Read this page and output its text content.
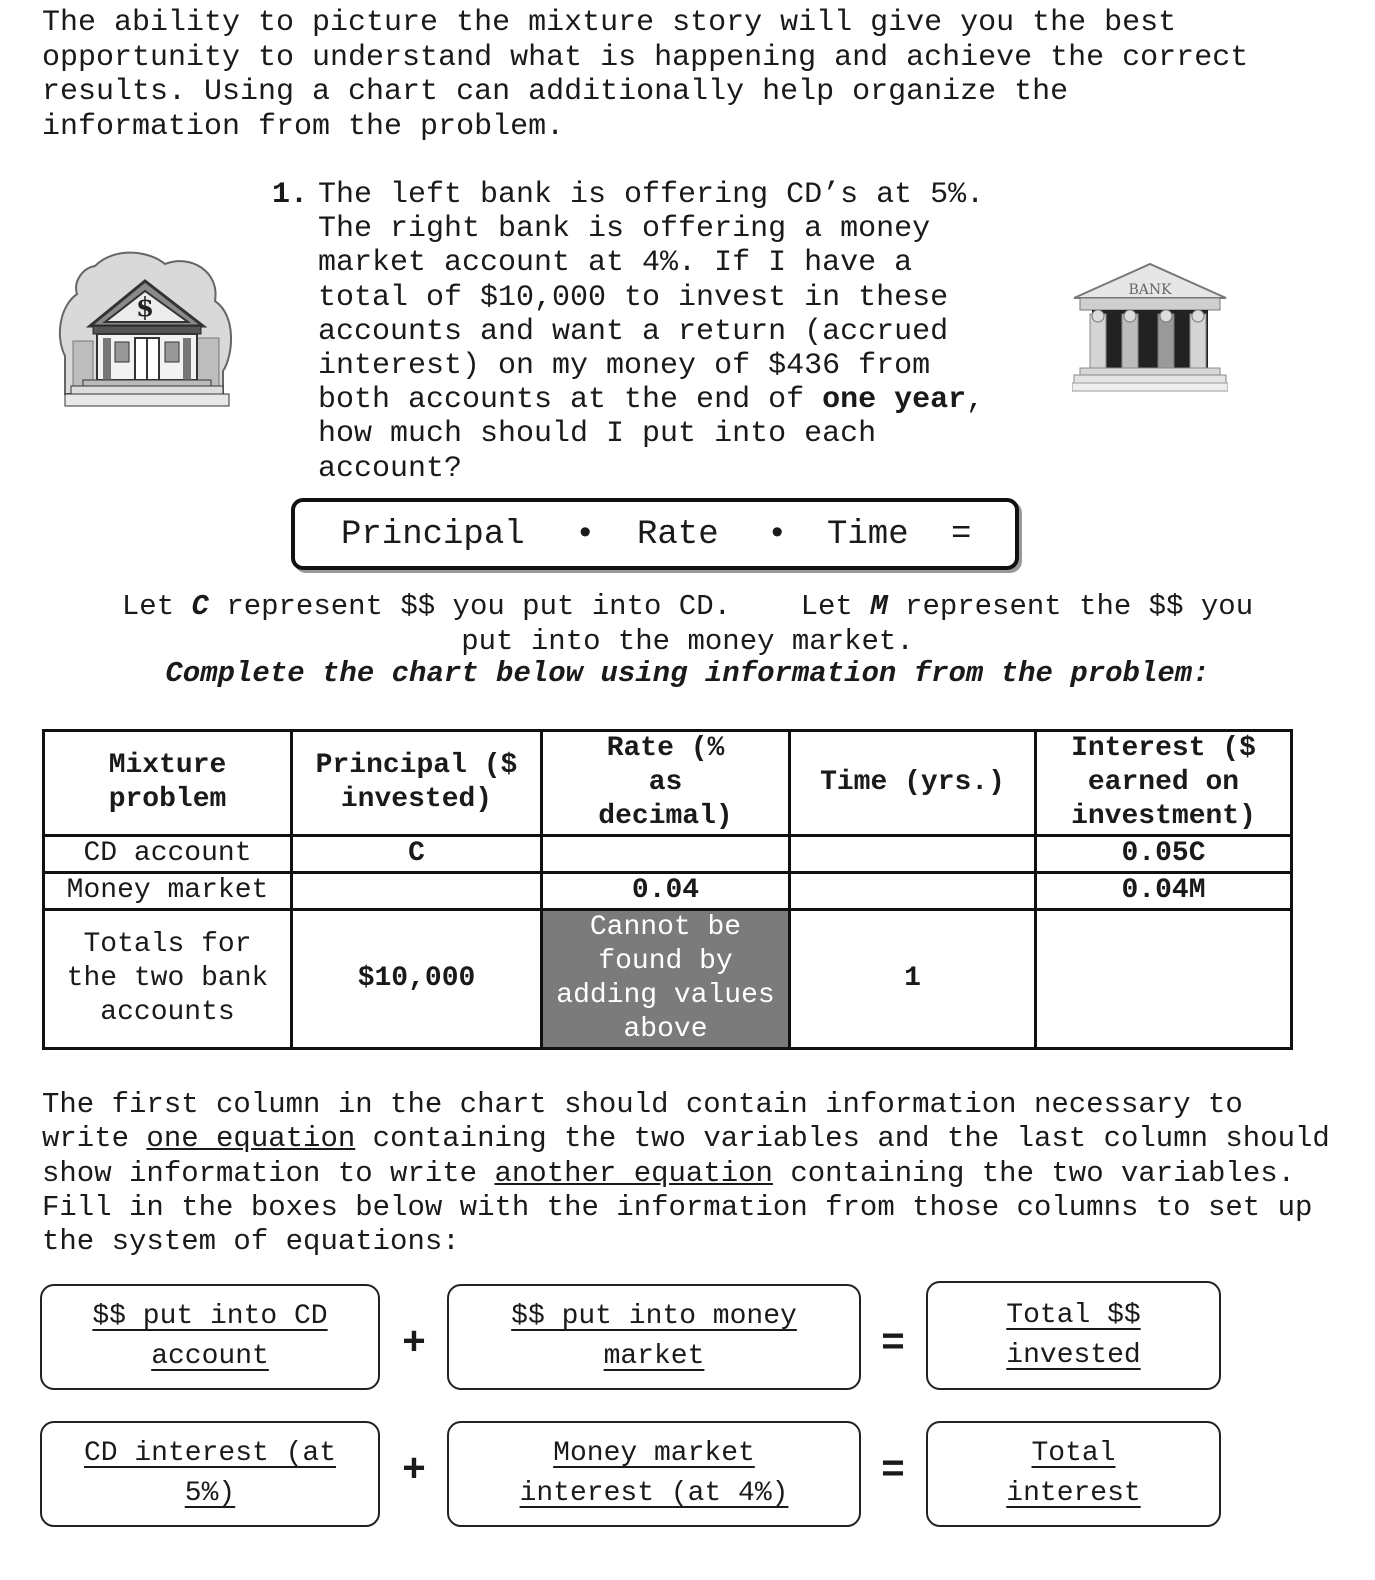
The ability to picture the mixture story will give you the best
opportunity to understand what is happening and achieve the correct
results. Using a chart can additionally help organize the
information from the problem.
$
BANK
1. The left bank is offering CD’s at 5%.
The right bank is offering a money
market account at 4%. If I have a
total of $10,000 to invest in these
accounts and want a return (accrued
interest) on my money of $436 from
both accounts at the end of one year,
how much should I put into each
account?
Principal • Rate • Time =
Let C represent $$ you put into CD.    Let M represent the $$ you
put into the money market.
Complete the chart below using information from the problem:
Mixture problem	Principal ($ invested)	Rate (% as decimal)	Time (yrs.)	Interest ($ earned on investment)
CD account	C			0.05C
Money market		0.04		0.04M
Totals for the two bank accounts	$10,000	Cannot be found by adding values above	1	
The first column in the chart should contain information necessary to write one equation containing the two variables and the last column should show information to write another equation containing the two variables. Fill in the boxes below with the information from those columns to set up the system of equations:
$$ put into CD account	+
$$ put into money market	=
Total $$ invested
CD interest (at 5%)	+	Money market interest (at 4%)	=	Total interest
